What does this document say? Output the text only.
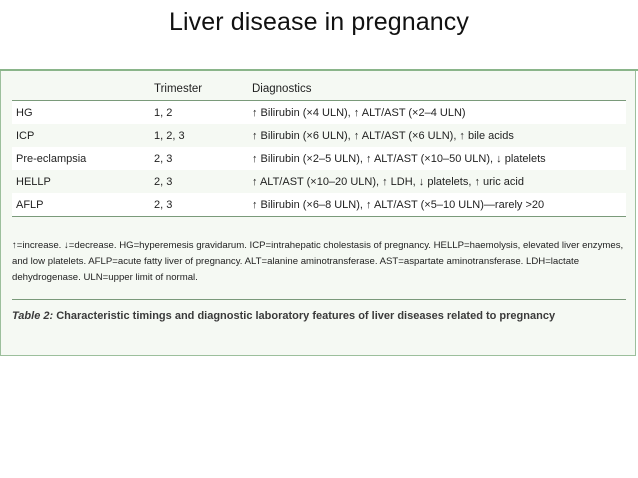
Liver disease in pregnancy
	Trimester	Diagnostics
HG	1, 2	↑ Bilirubin (×4 ULN), ↑ ALT/AST (×2–4 ULN)
ICP	1, 2, 3	↑ Bilirubin (×6 ULN), ↑ ALT/AST (×6 ULN), ↑ bile acids
Pre-eclampsia	2, 3	↑ Bilirubin (×2–5 ULN), ↑ ALT/AST (×10–50 ULN), ↓ platelets
HELLP	2, 3	↑ ALT/AST (×10–20 ULN), ↑ LDH, ↓ platelets, ↑ uric acid
AFLP	2, 3	↑ Bilirubin (×6–8 ULN), ↑ ALT/AST (×5–10 ULN)—rarely >20
↑=increase. ↓=decrease. HG=hyperemesis gravidarum. ICP=intrahepatic cholestasis of pregnancy. HELLP=haemolysis, elevated liver enzymes, and low platelets. AFLP=acute fatty liver of pregnancy. ALT=alanine aminotransferase. AST=aspartate aminotransferase. LDH=lactate dehydrogenase. ULN=upper limit of normal.
Table 2: Characteristic timings and diagnostic laboratory features of liver diseases related to pregnancy
